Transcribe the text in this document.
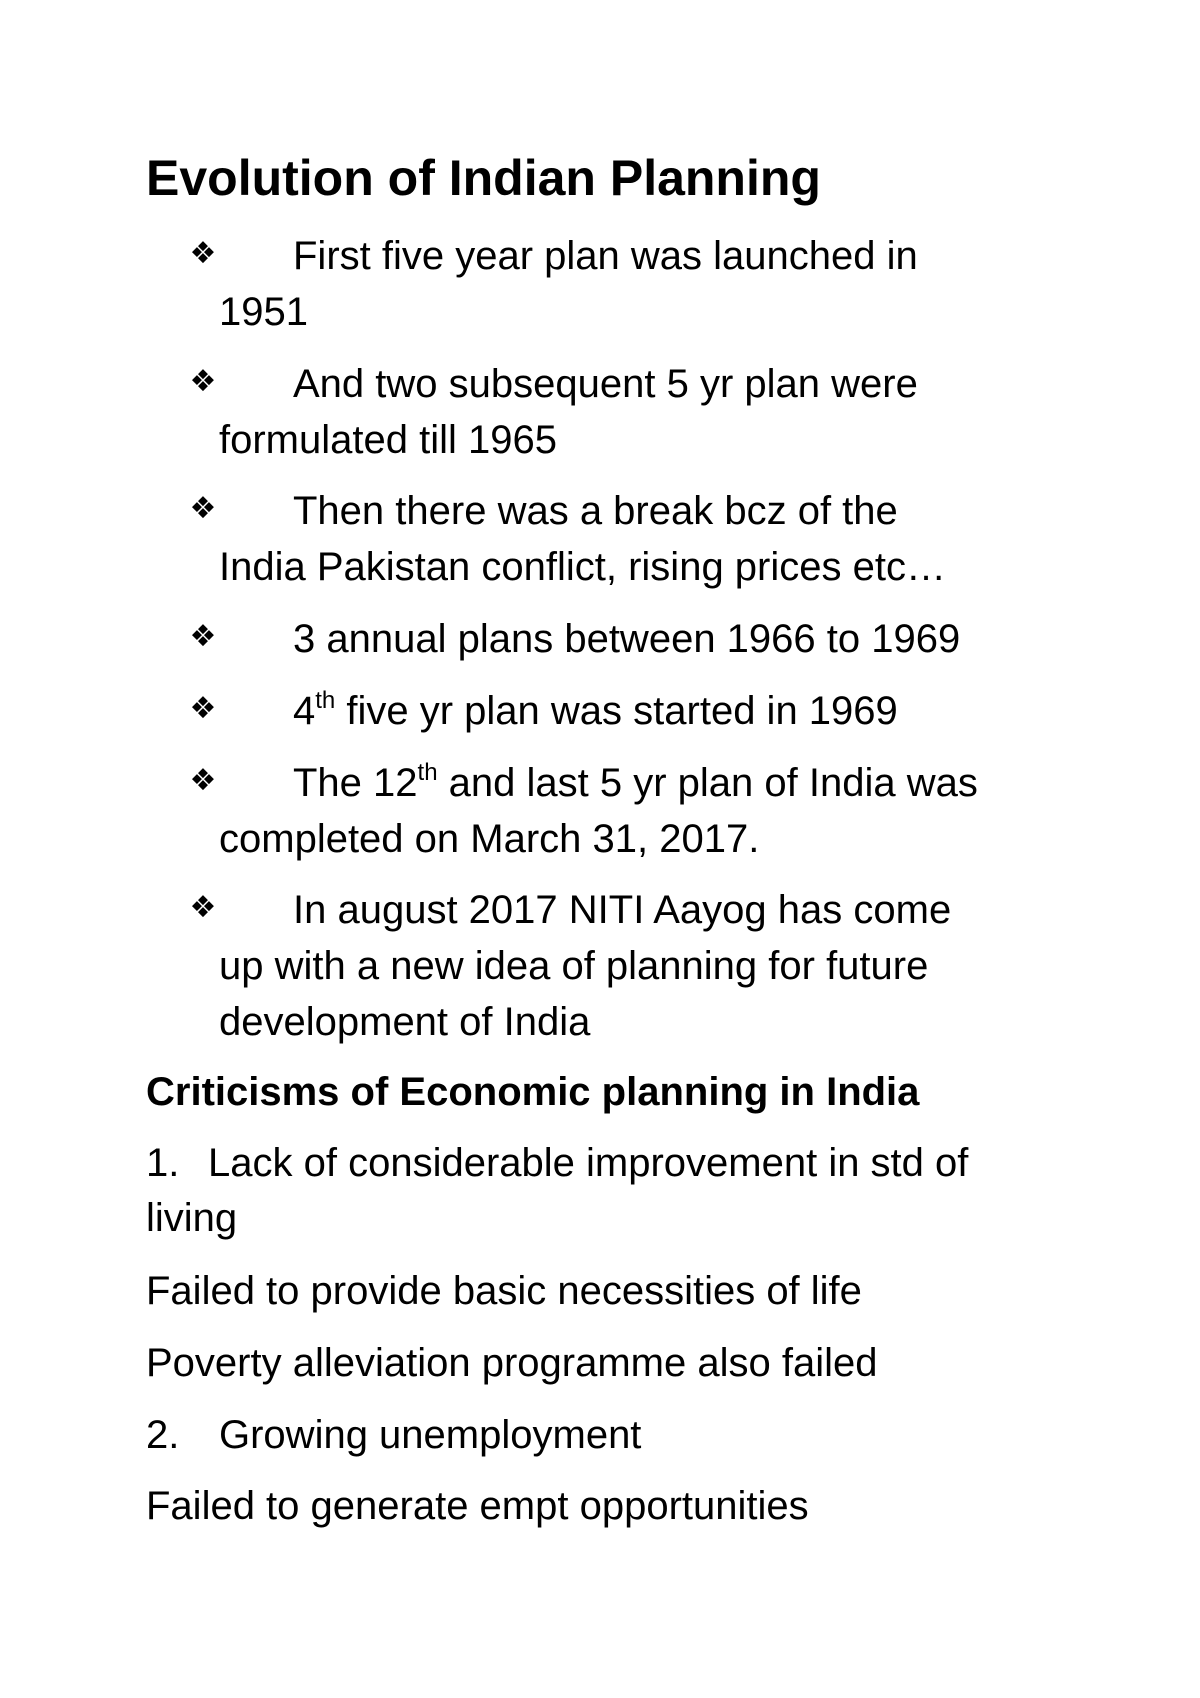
Evolution of Indian Planning
❖ First five year plan was launched in
1951
❖ And two subsequent 5 yr plan were
formulated till 1965
❖ Then there was a break bcz of the
India Pakistan conflict, rising prices etc…
❖ 3 annual plans between 1966 to 1969
❖ 4th five yr plan was started in 1969
❖ The 12th and last 5 yr plan of India was
completed on March 31, 2017.
❖ In august 2017 NITI Aayog has come
up with a new idea of planning for future
development of India
Criticisms of Economic planning in India
1. Lack of considerable improvement in std of
living
Failed to provide basic necessities of life
Poverty alleviation programme also failed
2. Growing unemployment
Failed to generate empt opportunities
